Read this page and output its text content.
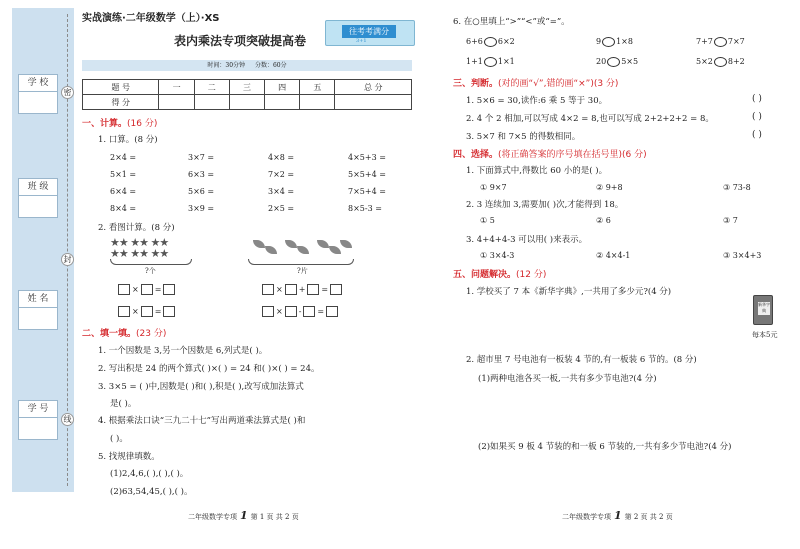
学 校
班 级
姓 名
学 号
密
封
线
实战演练·二年级数学（上）·XS
往考考满分
3+1
表内乘法专项突破提高卷
时间：30分钟 分数：60分
题 号	一	二	三	四	五	总 分
得 分						
一、计算。(16 分)
1. 口算。(8 分)
2×4 =	3×7 =	4×8 =	4×5+3 =
5×1 =	6×3 =	7×2 =	5×5+4 =
6×4 =	5×6 =	3×4 =	7×5+4 =
8×4 =	3×9 =	2×5 =	8×5-3 =
2. 看图计算。(8 分)
★★ ★★ ★★
★★ ★★ ★★
?个	?片
× =
× =
× + =
× - =
二、填一填。(23 分)
1. 一个因数是 3,另一个因数是 6,列式是( )。
2. 写出积是 24 的两个算式( )×( ) = 24 和( )×( ) = 24。
3. 3×5 = ( )中,因数是( )和( ),积是( ),改写成加法算式
是( )。
4. 根据乘法口诀“三九二十七”写出两道乘法算式是( )和
( )。
5. 找规律填数。
(1)2,4,6,( ),( ),( )。
(2)63,54,45,( ),( )。
二年级数学专项 1 第 1 页 共 2 页
6. 在○里填上“>”“<”或“=”。
6+6 6×2	9 1×8	7+7 7×7
1+1 1×1	20 5×5	5×2 8+2
三、判断。(对的画“√”,错的画“×”)(3 分)
1. 5×6 = 30,读作:6 乘 5 等于 30。	( )
2. 4 个 2 相加,可以写成 4×2 = 8,也可以写成 2+2+2+2 = 8。	( )
3. 5×7 和 7×5 的得数相同。	( )
四、选择。(将正确答案的序号填在括号里)(6 分)
1. 下面算式中,得数比 60 小的是( )。
① 9×7	② 9+8	③ 73-8
2. 3 连续加 3,需要加( )次,才能得到 18。
① 5	② 6	③ 7
3. 4+4+4-3 可以用( )来表示。
① 3×4-3	② 4×4-1	③ 3×4+3
五、问题解决。(12 分)
1. 学校买了 7 本《新华字典》,一共用了多少元?(4 分)
2. 超市里 7 号电池有一板装 4 节的,有一板装 6 节的。(8 分)
(1)两种电池各买一板,一共有多少节电池?(4 分)
(2)如果买 9 板 4 节装的和一板 6 节装的,一共有多少节电池?(4 分)
二年级数学专项 1 第 2 页 共 2 页
新华字典
每本5元
